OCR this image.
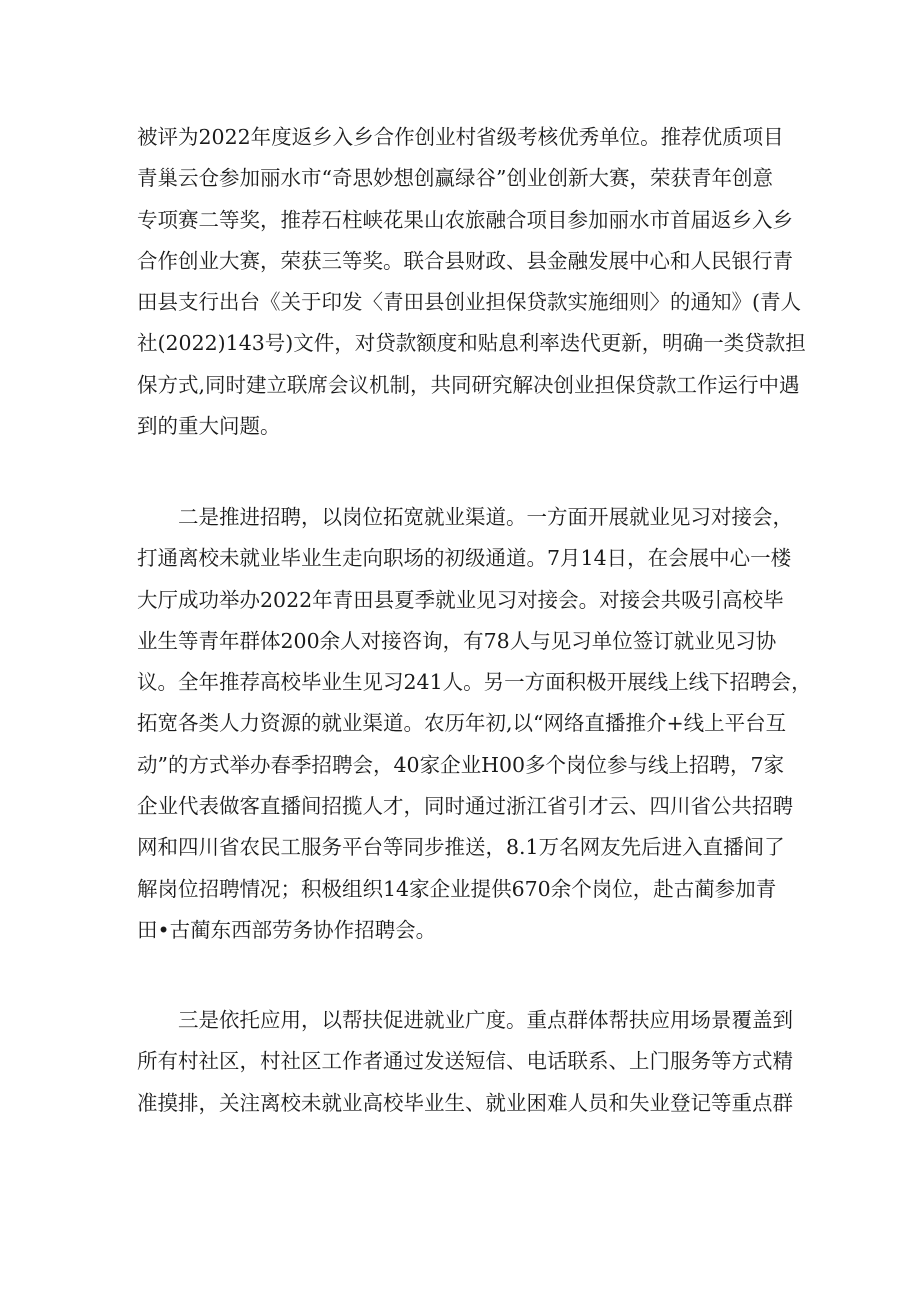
被评为2022年度返乡入乡合作创业村省级考核优秀单位。推荐优质项目
青巢云仓参加丽水市“奇思妙想创赢绿谷”创业创新大赛，荣获青年创意
专项赛二等奖，推荐石柱峡花果山农旅融合项目参加丽水市首届返乡入乡
合作创业大赛，荣获三等奖。联合县财政、县金融发展中心和人民银行青
田县支行出台《关于印发〈青田县创业担保贷款实施细则〉的通知》(青人
社(2022)143号)文件，对贷款额度和贴息利率迭代更新，明确一类贷款担
保方式,同时建立联席会议机制，共同研究解决创业担保贷款工作运行中遇
到的重大问题。
二是推进招聘，以岗位拓宽就业渠道。一方面开展就业见习对接会，
打通离校未就业毕业生走向职场的初级通道。7月14日，在会展中心一楼
大厅成功举办2022年青田县夏季就业见习对接会。对接会共吸引高校毕
业生等青年群体200余人对接咨询，有78人与见习单位签订就业见习协
议。全年推荐高校毕业生见习241人。另一方面积极开展线上线下招聘会，
拓宽各类人力资源的就业渠道。农历年初,以“网络直播推介+线上平台互
动”的方式举办春季招聘会，40家企业H00多个岗位参与线上招聘，7家
企业代表做客直播间招揽人才，同时通过浙江省引才云、四川省公共招聘
网和四川省农民工服务平台等同步推送，8.1万名网友先后进入直播间了
解岗位招聘情况；积极组织14家企业提供670余个岗位，赴古蔺参加青
田•古蔺东西部劳务协作招聘会。
三是依托应用，以帮扶促进就业广度。重点群体帮扶应用场景覆盖到
所有村社区，村社区工作者通过发送短信、电话联系、上门服务等方式精
准摸排，关注离校未就业高校毕业生、就业困难人员和失业登记等重点群
